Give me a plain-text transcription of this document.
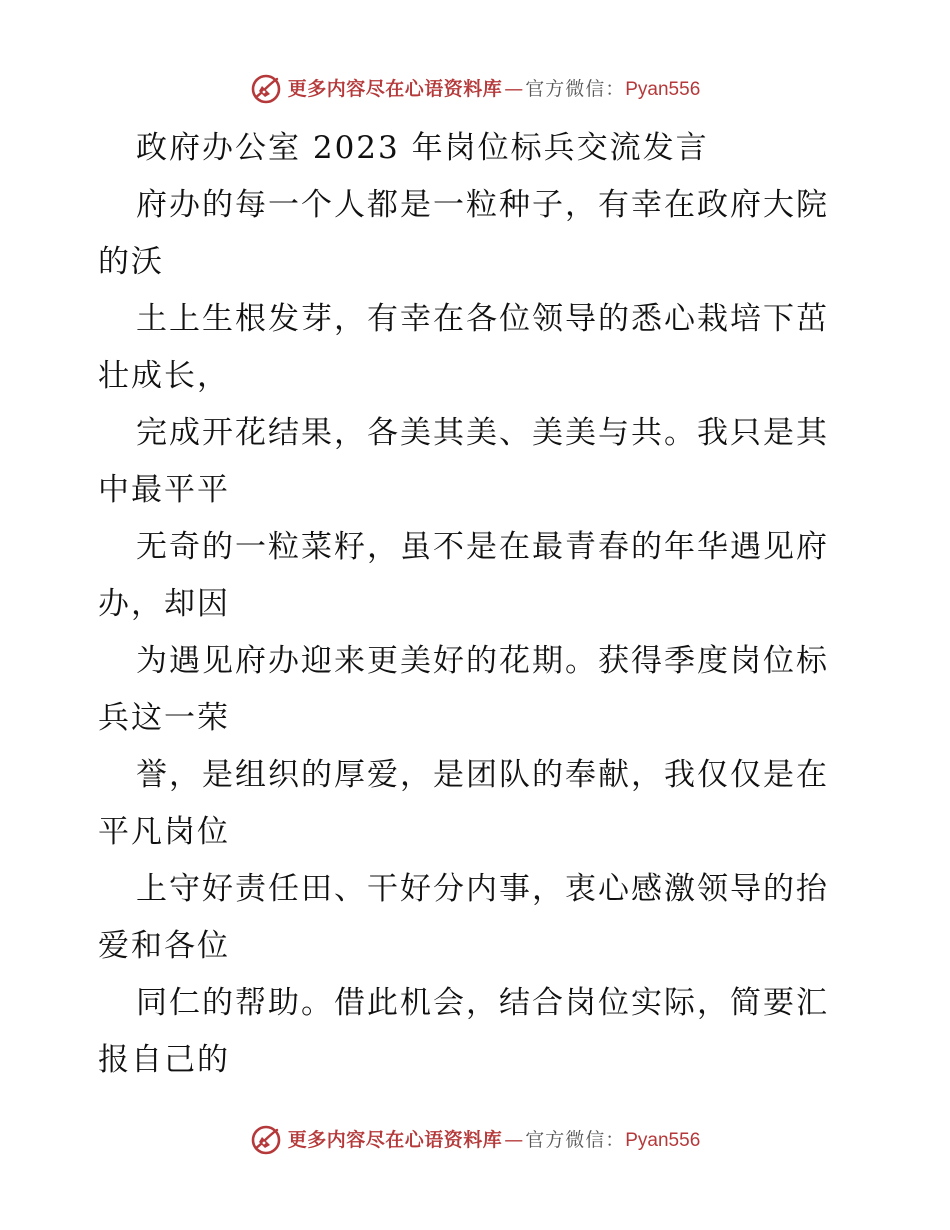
更多内容尽在心语资料库 — 官方微信：Pyan556
政府办公室 2023 年岗位标兵交流发言
府办的每一个人都是一粒种子，有幸在政府大院
的沃
土上生根发芽，有幸在各位领导的悉心栽培下茁
壮成长，
完成开花结果，各美其美、美美与共。我只是其
中最平平
无奇的一粒菜籽，虽不是在最青春的年华遇见府
办，却因
为遇见府办迎来更美好的花期。获得季度岗位标
兵这一荣
誉，是组织的厚爱，是团队的奉献，我仅仅是在
平凡岗位
上守好责任田、干好分内事，衷心感激领导的抬
爱和各位
同仁的帮助。借此机会，结合岗位实际，简要汇
报自己的
更多内容尽在心语资料库 — 官方微信：Pyan556
